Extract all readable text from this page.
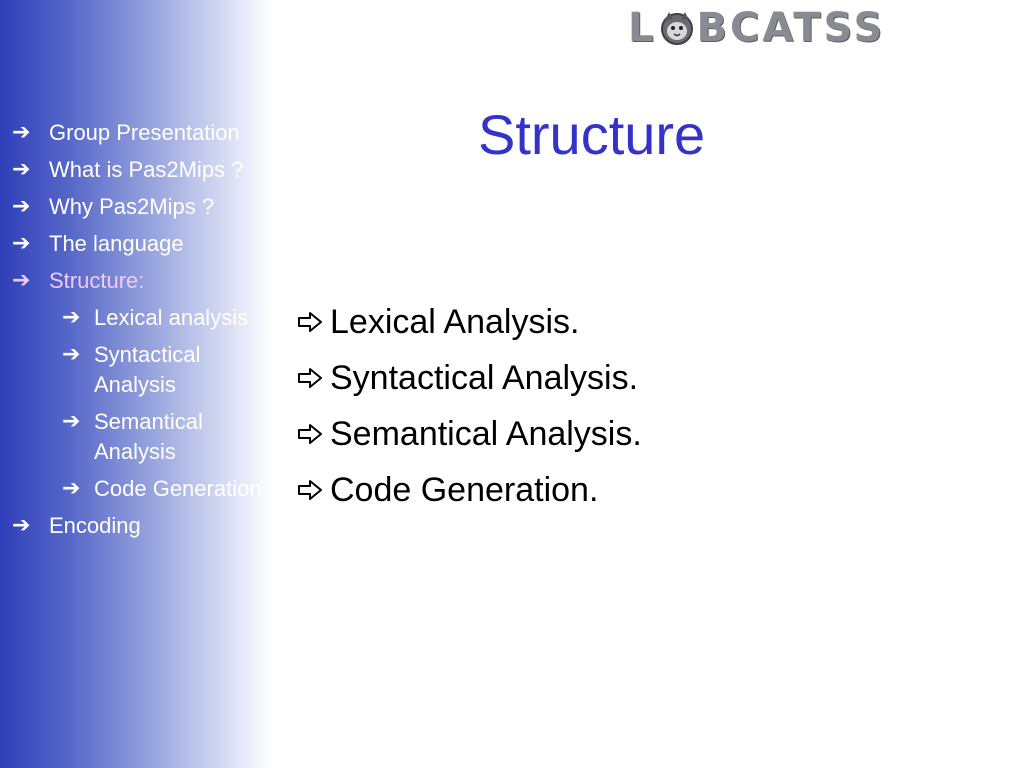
➔ Group Presentation
➔ What is Pas2Mips ?
➔ Why Pas2Mips ?
➔ The language
➔ Structure:
➔ Lexical analysis
➔ Syntactical Analysis
➔ Semantical Analysis
➔ Code Generation
➔ Encoding
L BCATSS
Structure
Lexical Analysis.
Syntactical Analysis.
Semantical Analysis.
Code Generation.
